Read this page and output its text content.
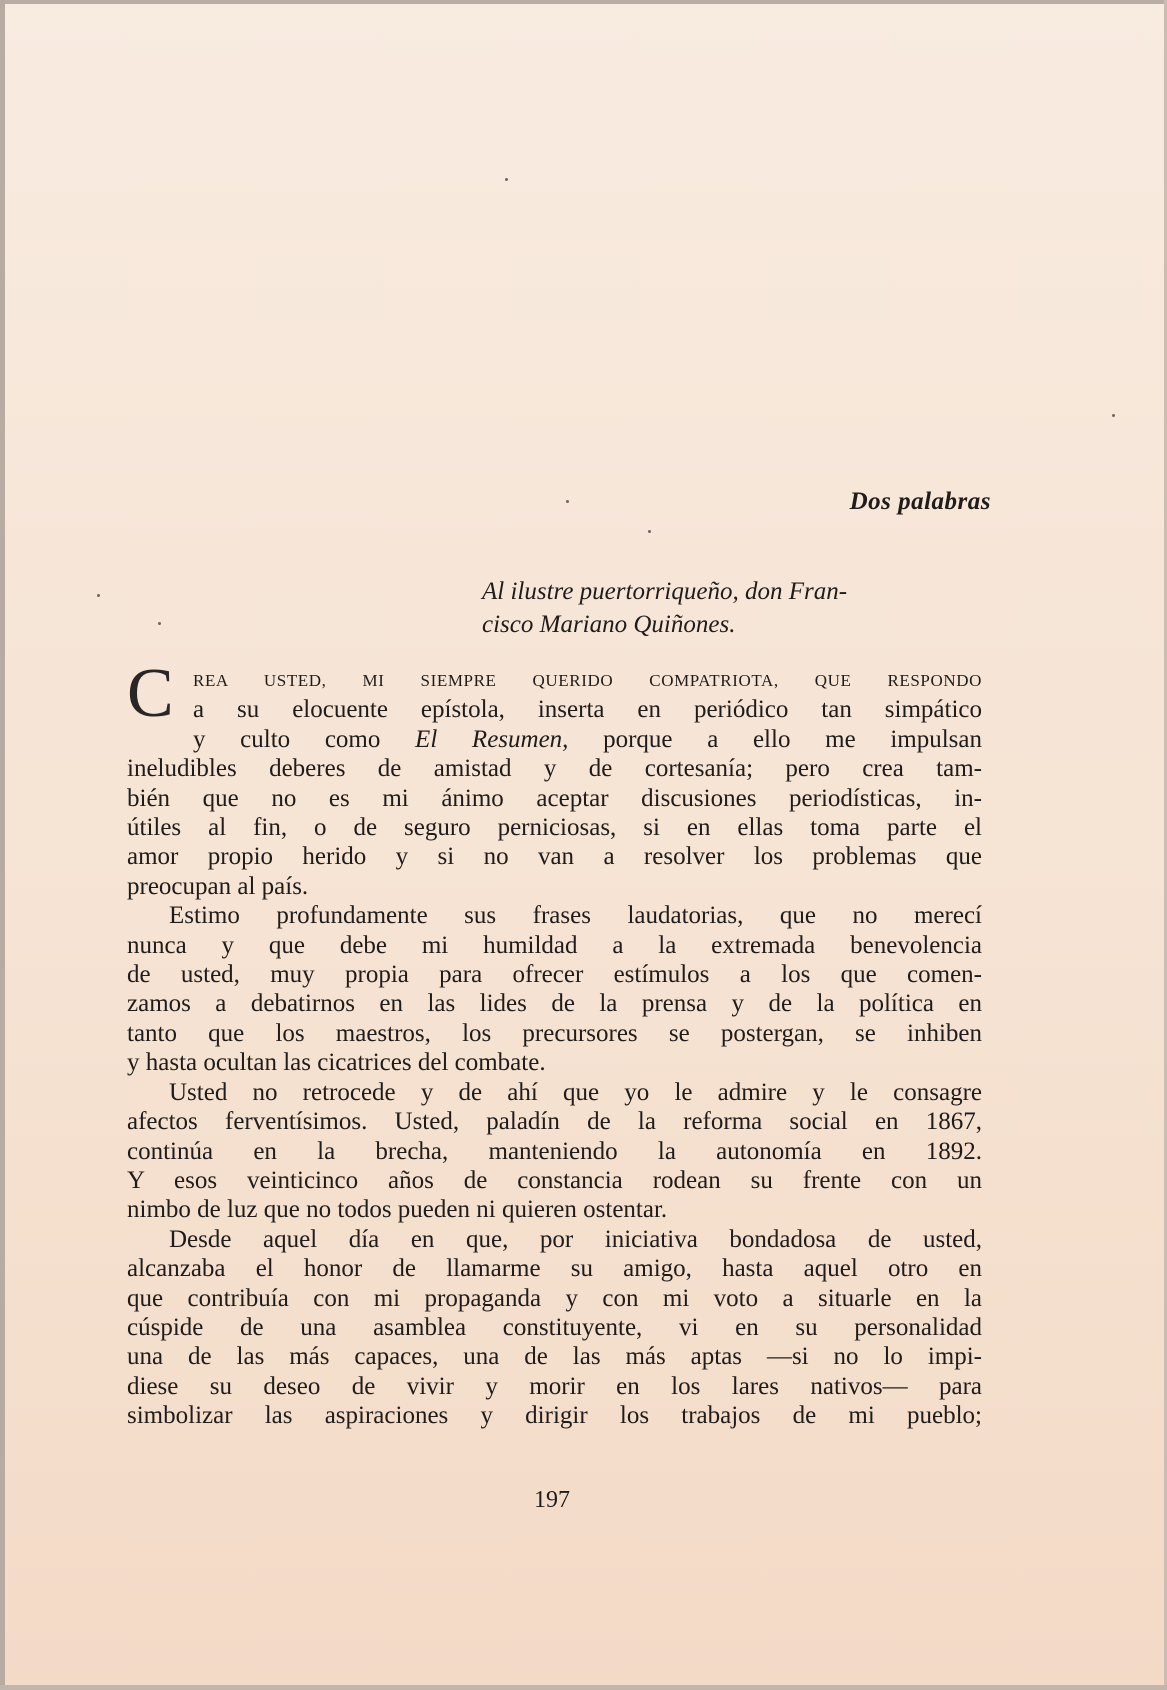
Dos palabras
Al ilustre puertorriqueño, don Fran-
cisco Mariano Quiñones.
C	REA USTED, MI SIEMPRE QUERIDO COMPATRIOTA, QUE RESPONDO
a su elocuente epístola, inserta en periódico tan simpático
y culto como El Resumen, porque a ello me impulsan
ineludibles deberes de amistad y de cortesanía; pero crea tam-
bién que no es mi ánimo aceptar discusiones periodísticas, in-
útiles al fin, o de seguro perniciosas, si en ellas toma parte el
amor propio herido y si no van a resolver los problemas que
preocupan al país.
Estimo profundamente sus frases laudatorias, que no merecí
nunca y que debe mi humildad a la extremada benevolencia
de usted, muy propia para ofrecer estímulos a los que comen-
zamos a debatirnos en las lides de la prensa y de la política en
tanto que los maestros, los precursores se postergan, se inhiben
y hasta ocultan las cicatrices del combate.
Usted no retrocede y de ahí que yo le admire y le consagre
afectos ferventísimos. Usted, paladín de la reforma social en 1867,
continúa en la brecha, manteniendo la autonomía en 1892.
Y esos veinticinco años de constancia rodean su frente con un
nimbo de luz que no todos pueden ni quieren ostentar.
Desde aquel día en que, por iniciativa bondadosa de usted,
alcanzaba el honor de llamarme su amigo, hasta aquel otro en
que contribuía con mi propaganda y con mi voto a situarle en la
cúspide de una asamblea constituyente, vi en su personalidad
una de las más capaces, una de las más aptas —si no lo impi-
diese su deseo de vivir y morir en los lares nativos— para
simbolizar las aspiraciones y dirigir los trabajos de mi pueblo;
197
